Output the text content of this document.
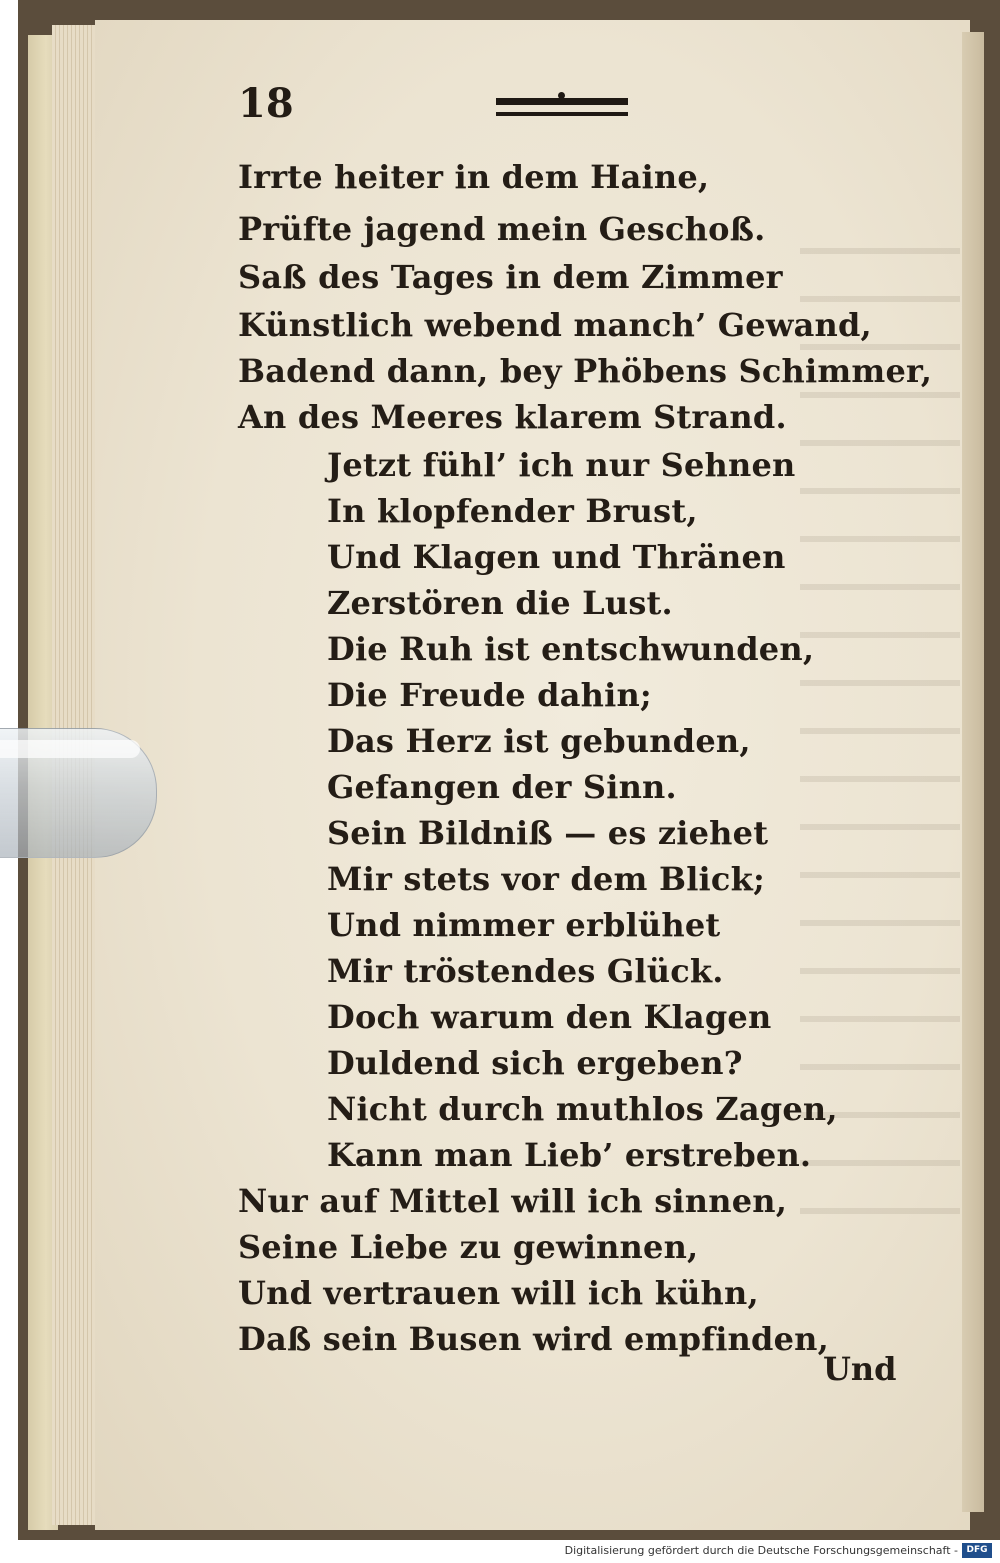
18
Irrte heiter in dem Haine,
Prüfte jagend mein Geschoß.
Saß des Tages in dem Zimmer
Künstlich webend manch’ Gewand,
Badend dann, bey Phöbens Schimmer,
An des Meeres klarem Strand.
Jetzt fühl’ ich nur Sehnen
In klopfender Brust,
Und Klagen und Thränen
Zerstören die Lust.
Die Ruh ist entschwunden,
Die Freude dahin;
Das Herz ist gebunden,
Gefangen der Sinn.
Sein Bildniß — es ziehet
Mir stets vor dem Blick;
Und nimmer erblühet
Mir tröstendes Glück.
Doch warum den Klagen
Duldend sich ergeben?
Nicht durch muthlos Zagen,
Kann man Lieb’ erstreben.
Nur auf Mittel will ich sinnen,
Seine Liebe zu gewinnen,
Und vertrauen will ich kühn,
Daß sein Busen wird empfinden,
Und
Digitalisierung gefördert durch die Deutsche Forschungsgemeinschaft - DFG
